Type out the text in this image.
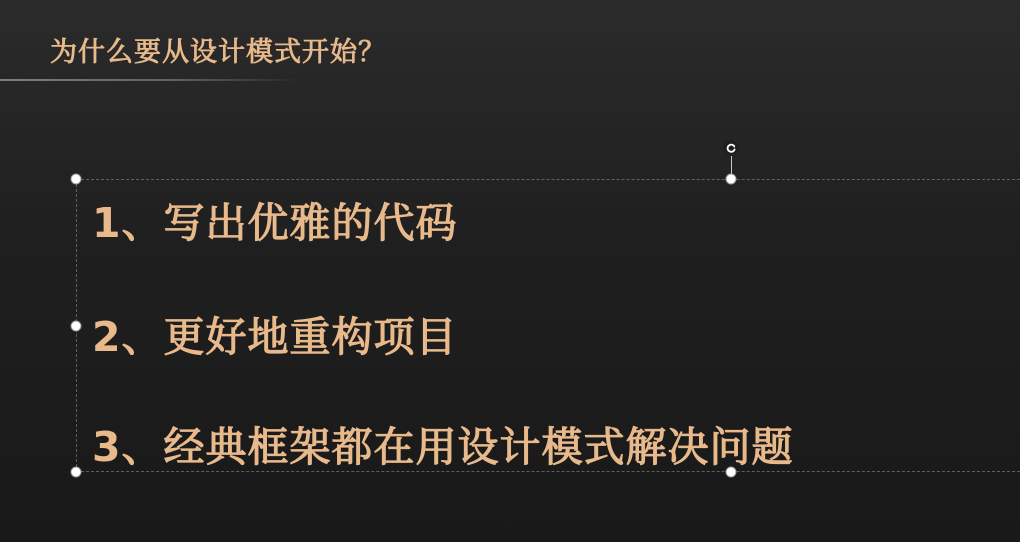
为什么要从设计模式开始？
1、写出优雅的代码
2、更好地重构项目
3、经典框架都在用设计模式解决问题
